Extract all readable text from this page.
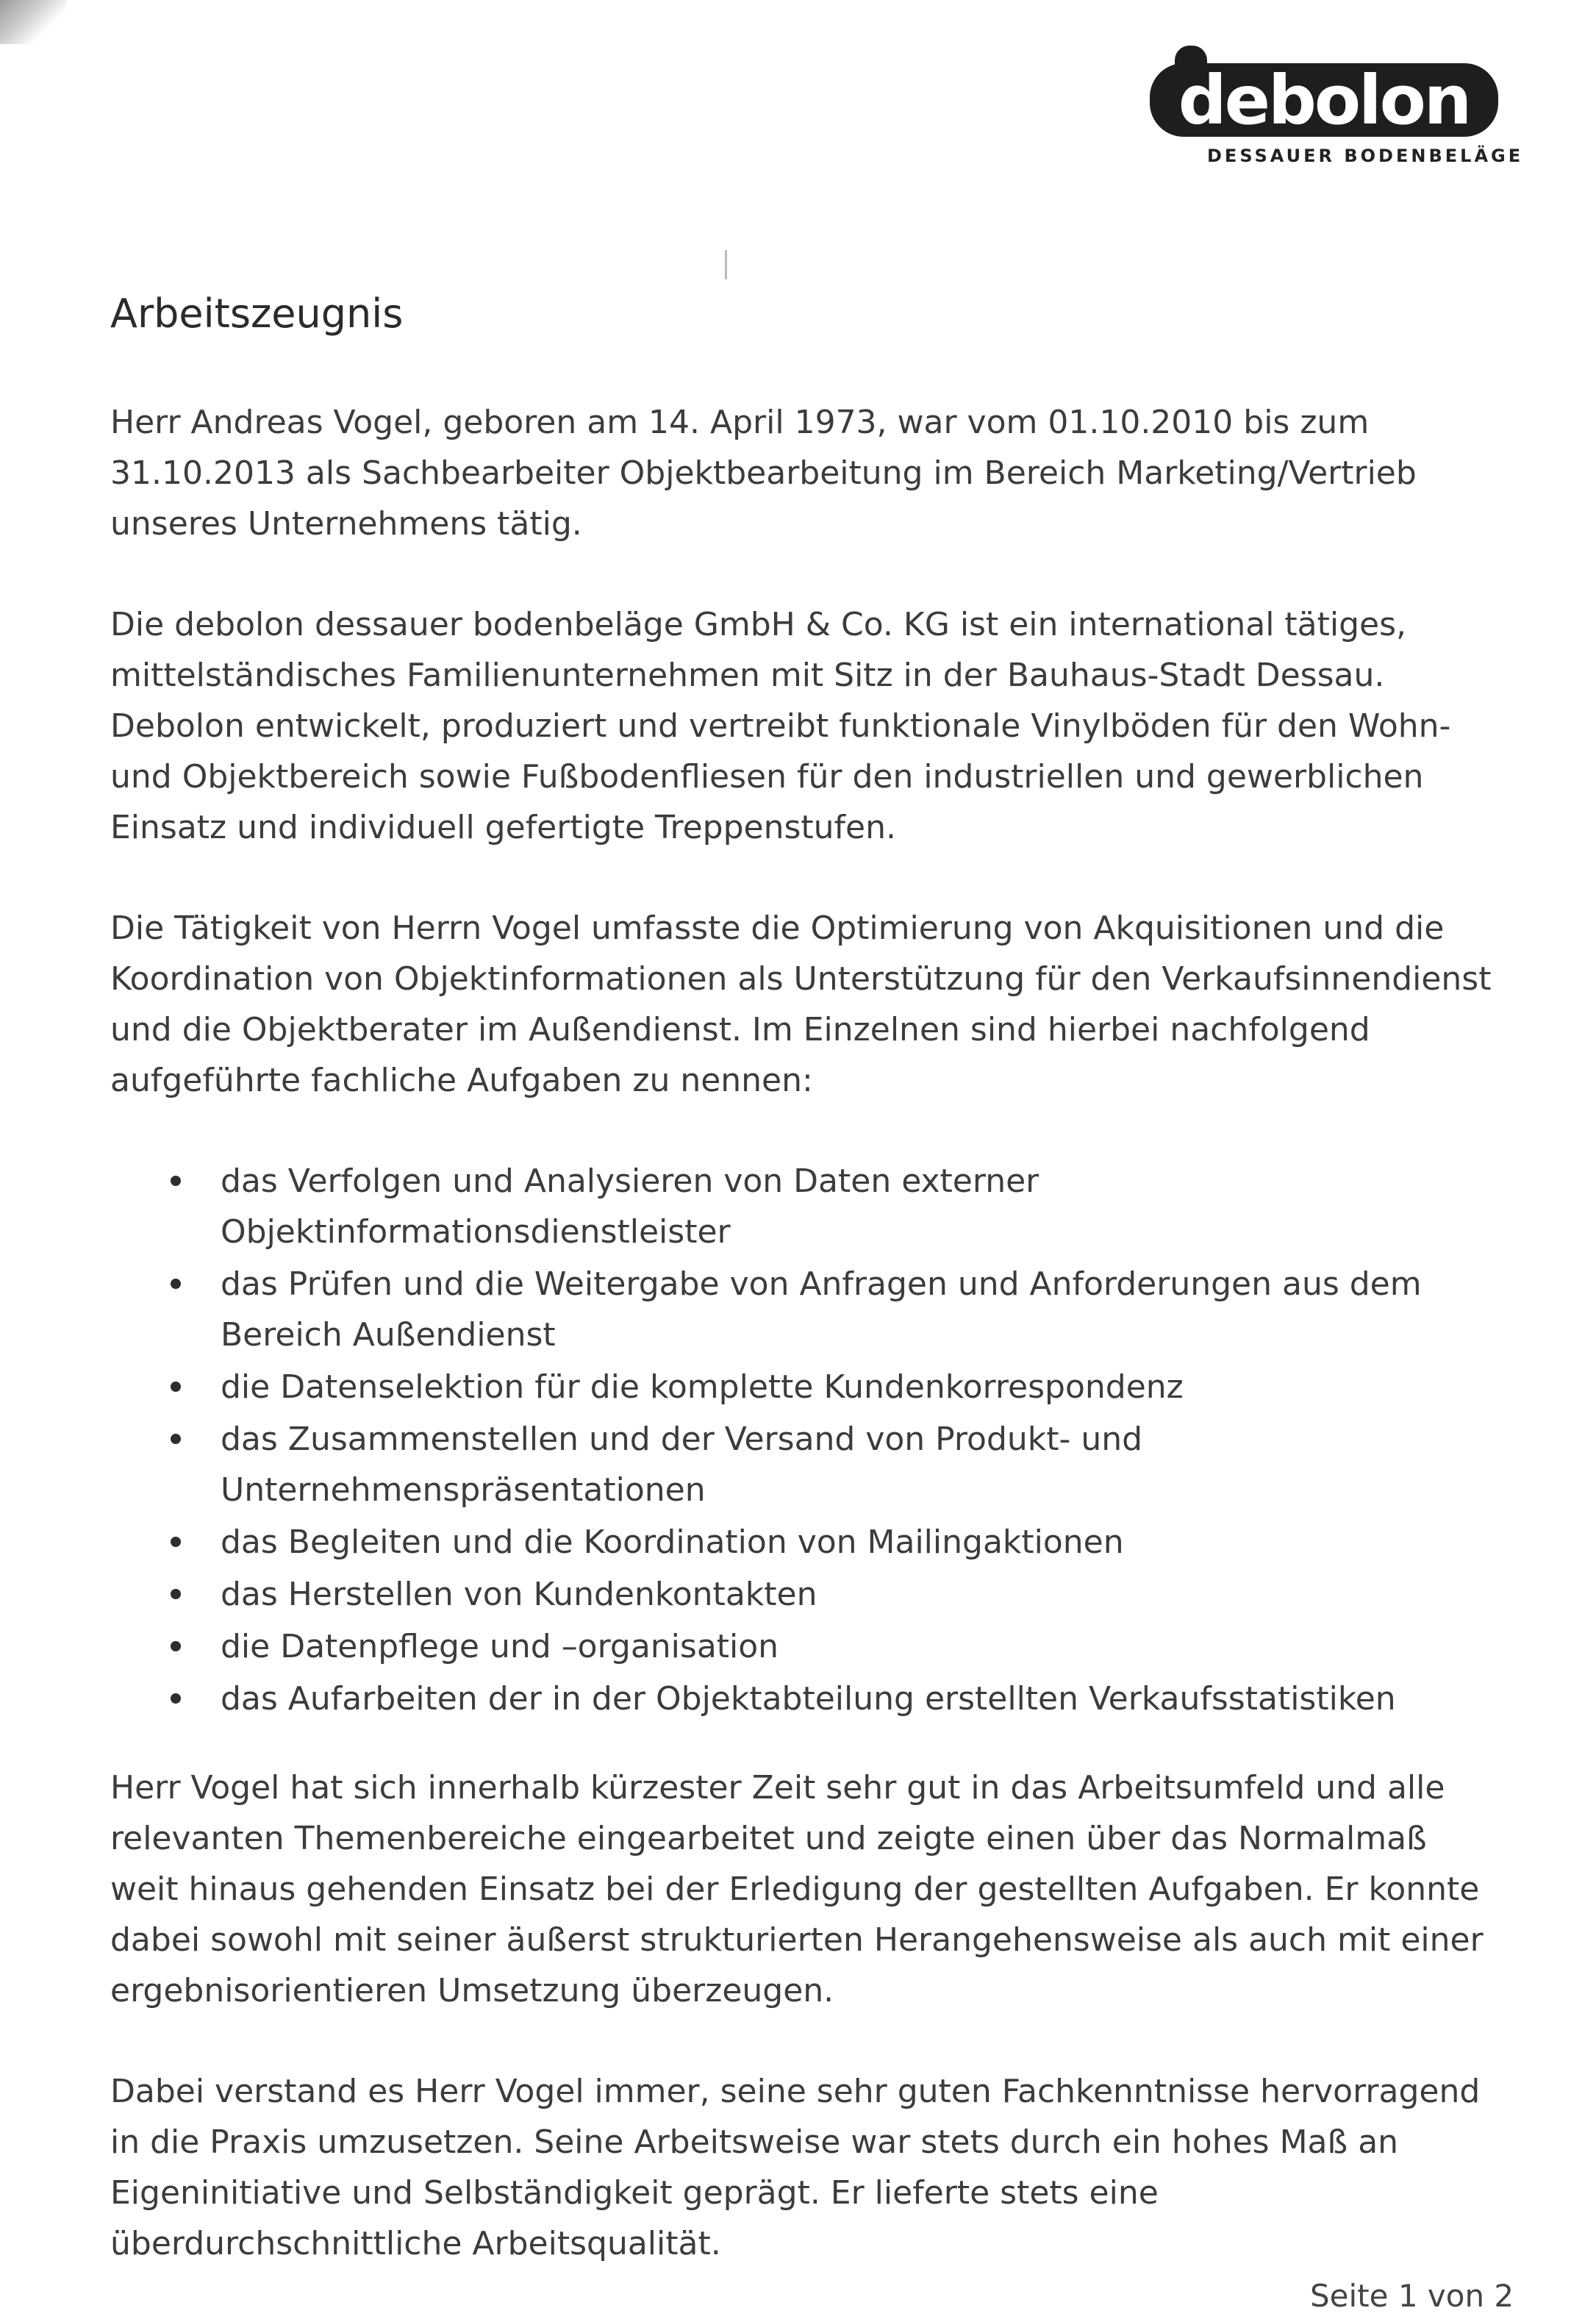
debolon
DESSAUER BODENBELÄGE
Arbeitszeugnis

Herr Andreas Vogel, geboren am 14. April 1973, war vom 01.10.2010 bis zum 31.10.2013 als Sachbearbeiter Objektbearbeitung im Bereich Marketing/Vertrieb unseres Unternehmens tätig.

Die debolon dessauer bodenbeläge GmbH & Co. KG ist ein international tätiges, mittelständisches Familienunternehmen mit Sitz in der Bauhaus-Stadt Dessau. Debolon entwickelt, produziert und vertreibt funktionale Vinylböden für den Wohn- und Objektbereich sowie Fußbodenfliesen für den industriellen und gewerblichen Einsatz und individuell gefertigte Treppenstufen.

Die Tätigkeit von Herrn Vogel umfasste die Optimierung von Akquisitionen und die Koordination von Objektinformationen als Unterstützung für den Verkaufsinnendienst und die Objektberater im Außendienst. Im Einzelnen sind hierbei nachfolgend aufgeführte fachliche Aufgaben zu nennen:

das Verfolgen und Analysieren von Daten externer Objektinformationsdienstleister
das Prüfen und die Weitergabe von Anfragen und Anforderungen aus dem Bereich Außendienst
die Datenselektion für die komplette Kundenkorrespondenz
das Zusammenstellen und der Versand von Produkt- und Unternehmenspräsentationen
das Begleiten und die Koordination von Mailingaktionen
das Herstellen von Kundenkontakten
die Datenpflege und –organisation
das Aufarbeiten der in der Objektabteilung erstellten Verkaufsstatistiken

Herr Vogel hat sich innerhalb kürzester Zeit sehr gut in das Arbeitsumfeld und alle relevanten Themenbereiche eingearbeitet und zeigte einen über das Normalmaß weit hinaus gehenden Einsatz bei der Erledigung der gestellten Aufgaben. Er konnte dabei sowohl mit seiner äußerst strukturierten Herangehensweise als auch mit einer ergebnisorientieren Umsetzung überzeugen.

Dabei verstand es Herr Vogel immer, seine sehr guten Fachkenntnisse hervorragend in die Praxis umzusetzen. Seine Arbeitsweise war stets durch ein hohes Maß an Eigeninitiative und Selbständigkeit geprägt. Er lieferte stets eine überdurchschnittliche Arbeitsqualität.

Seite 1 von 2
